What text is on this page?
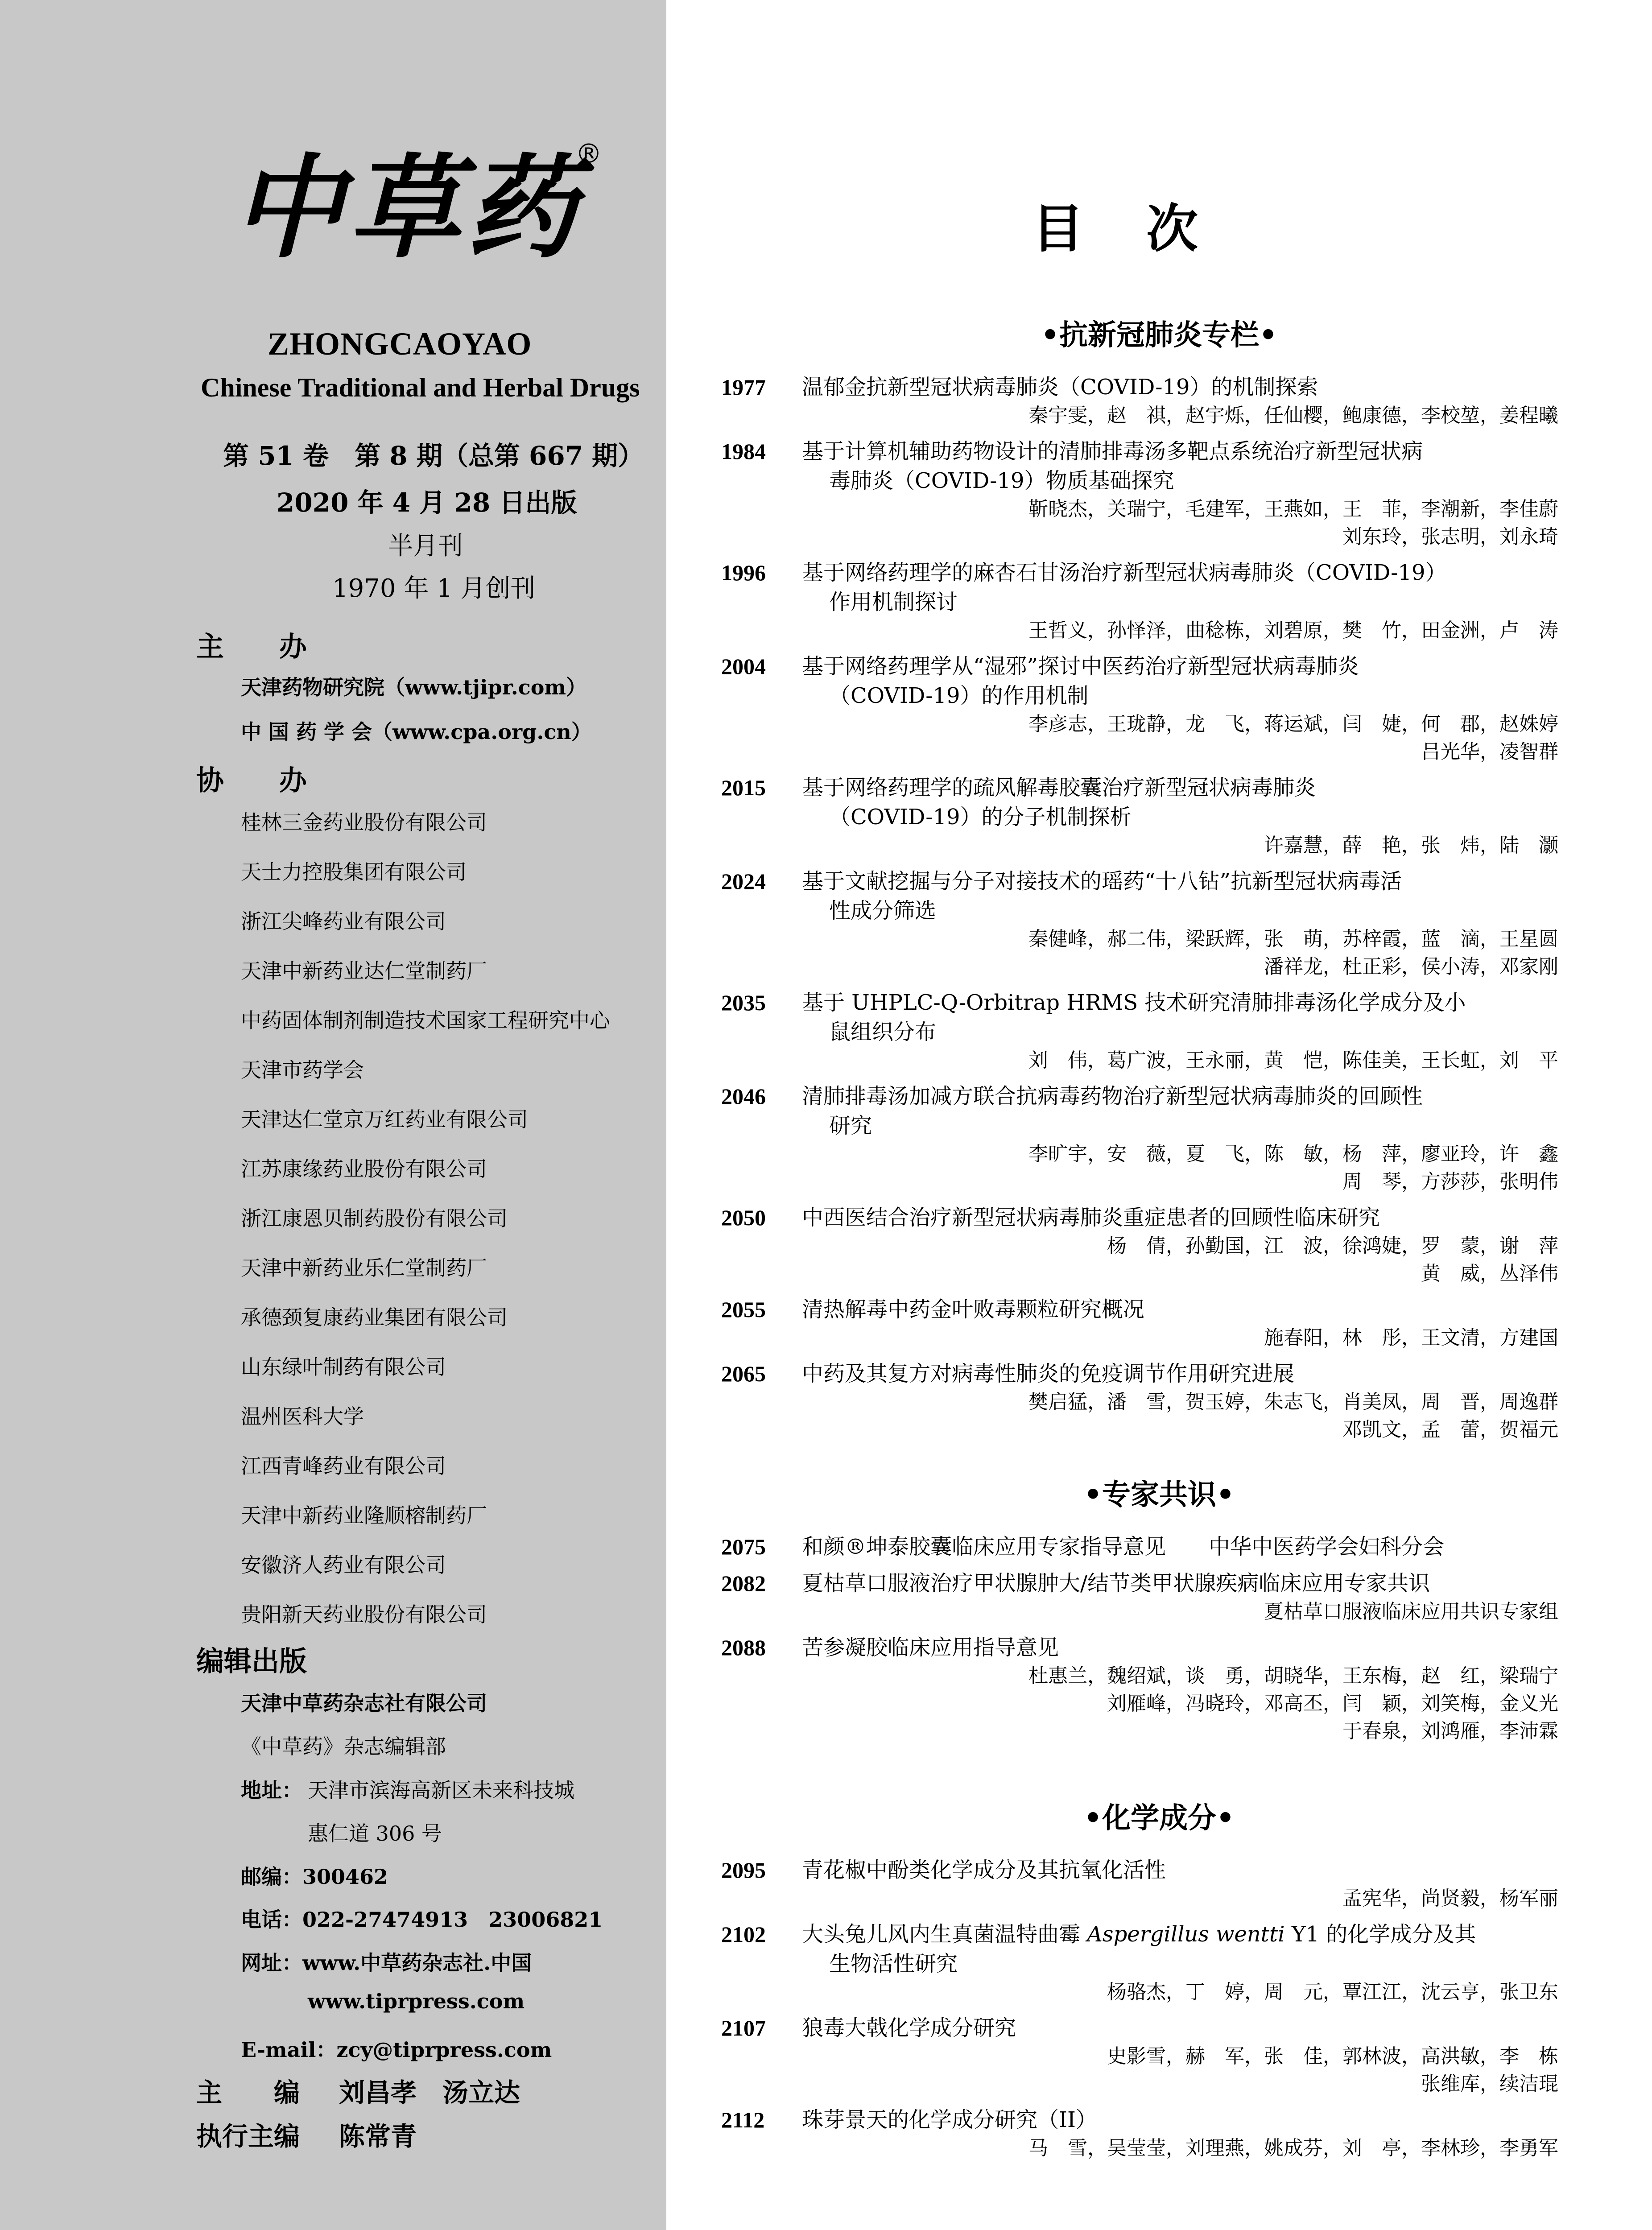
中草药
®
ZHONGCAOYAO
Chinese Traditional and Herbal Drugs
第 51 卷　第 8 期（总第 667 期）
2020 年 4 月 28 日出版
半月刊
1970 年 1 月创刊
主　　办
天津药物研究院（www.tjipr.com）
中 国 药 学 会（www.cpa.org.cn）
协　　办
桂林三金药业股份有限公司
天士力控股集团有限公司
浙江尖峰药业有限公司
天津中新药业达仁堂制药厂
中药固体制剂制造技术国家工程研究中心
天津市药学会
天津达仁堂京万红药业有限公司
江苏康缘药业股份有限公司
浙江康恩贝制药股份有限公司
天津中新药业乐仁堂制药厂
承德颈复康药业集团有限公司
山东绿叶制药有限公司
温州医科大学
江西青峰药业有限公司
天津中新药业隆顺榕制药厂
安徽济人药业有限公司
贵阳新天药业股份有限公司
编辑出版
天津中草药杂志社有限公司
《中草药》杂志编辑部
地址： 天津市滨海高新区未来科技城
惠仁道 306 号
邮编：300462
电话：022-27474913　23006821
网址：www.中草药杂志社.中国
www.tiprpress.com
E-mail：zcy@tiprpress.com
主　　编 刘昌孝　汤立达
执行主编 陈常青
目次
•抗新冠肺炎专栏•
1977 温郁金抗新型冠状病毒肺炎（COVID-19）的机制探索
秦宇雯，赵　祺，赵宇烁，任仙樱，鲍康德，李校堃，姜程曦
1984 基于计算机辅助药物设计的清肺排毒汤多靶点系统治疗新型冠状病
毒肺炎（COVID-19）物质基础探究
靳晓杰，关瑞宁，毛建军，王燕如，王　菲，李潮新，李佳蔚
刘东玲，张志明，刘永琦
1996 基于网络药理学的麻杏石甘汤治疗新型冠状病毒肺炎（COVID-19）
作用机制探讨
王哲义，孙怿泽，曲稔栋，刘碧原，樊　竹，田金洲，卢　涛
2004 基于网络药理学从“湿邪”探讨中医药治疗新型冠状病毒肺炎
（COVID-19）的作用机制
李彦志，王珑静，龙　飞，蒋运斌，闫　婕，何　郡，赵姝婷
吕光华，凌智群
2015 基于网络药理学的疏风解毒胶囊治疗新型冠状病毒肺炎
（COVID-19）的分子机制探析
许嘉慧，薛　艳，张　炜，陆　灏
2024 基于文献挖掘与分子对接技术的瑶药“十八钻”抗新型冠状病毒活
性成分筛选
秦健峰，郝二伟，梁跃辉，张　萌，苏梓霞，蓝　滴，王星圆
潘祥龙，杜正彩，侯小涛，邓家刚
2035 基于 UHPLC-Q-Orbitrap HRMS 技术研究清肺排毒汤化学成分及小
鼠组织分布
刘　伟，葛广波，王永丽，黄　恺，陈佳美，王长虹，刘　平
2046 清肺排毒汤加减方联合抗病毒药物治疗新型冠状病毒肺炎的回顾性
研究
李旷宇，安　薇，夏　飞，陈　敏，杨　萍，廖亚玲，许　鑫
周　琴，方莎莎，张明伟
2050 中西医结合治疗新型冠状病毒肺炎重症患者的回顾性临床研究
杨　倩，孙勤国，江　波，徐鸿婕，罗　蒙，谢　萍
黄　威，丛泽伟
2055 清热解毒中药金叶败毒颗粒研究概况
施春阳，林　彤，王文清，方建国
2065 中药及其复方对病毒性肺炎的免疫调节作用研究进展
樊启猛，潘　雪，贺玉婷，朱志飞，肖美凤，周　晋，周逸群
邓凯文，孟　蕾，贺福元
•专家共识•
2075 和颜®坤泰胶囊临床应用专家指导意见　　中华中医药学会妇科分会
2082 夏枯草口服液治疗甲状腺肿大/结节类甲状腺疾病临床应用专家共识
夏枯草口服液临床应用共识专家组
2088 苦参凝胶临床应用指导意见
杜惠兰，魏绍斌，谈　勇，胡晓华，王东梅，赵　红，梁瑞宁
刘雁峰，冯晓玲，邓高丕，闫　颖，刘笑梅，金义光
于春泉，刘鸿雁，李沛霖
•化学成分•
2095 青花椒中酚类化学成分及其抗氧化活性
孟宪华，尚贤毅，杨军丽
2102 大头兔儿风内生真菌温特曲霉 Aspergillus wentti Y1 的化学成分及其
生物活性研究
杨骆杰，丁　婷，周　元，覃江江，沈云亨，张卫东
2107 狼毒大戟化学成分研究
史影雪，赫　军，张　佳，郭林波，高洪敏，李　栋
张维库，续洁琨
2112 珠芽景天的化学成分研究（II）
马　雪，吴莹莹，刘理燕，姚成芬，刘　亭，李林珍，李勇军
